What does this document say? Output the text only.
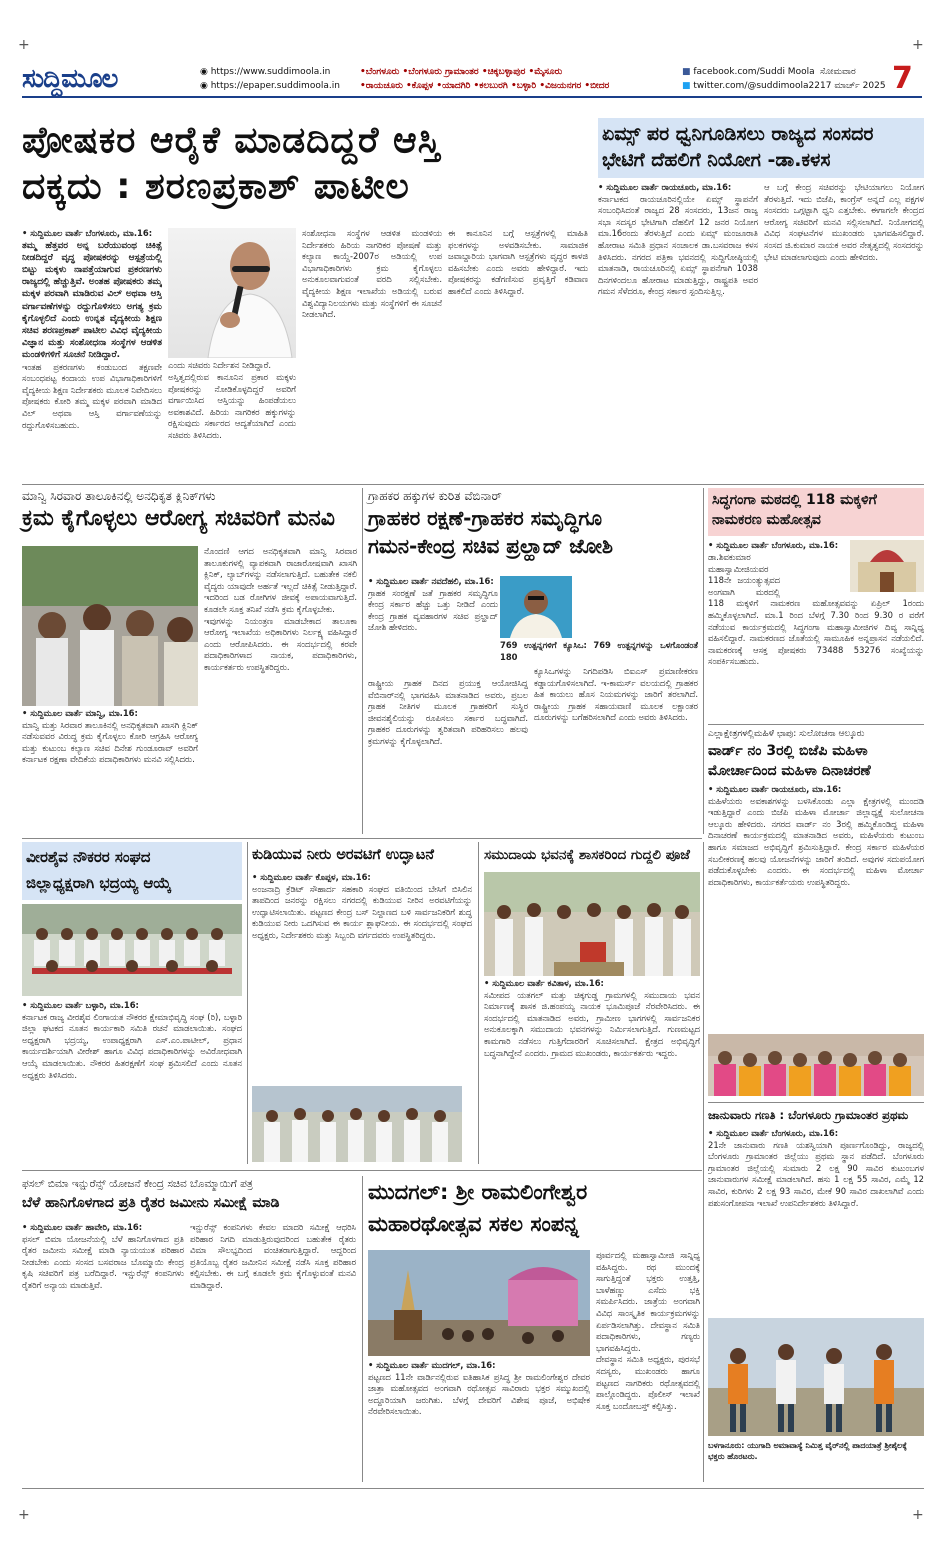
+	+
ಸುದ್ದಿಮೂಲ	◉ https://www.suddimoola.in
◉ https://epaper.suddimoola.in
•ಬೆಂಗಳೂರು •ಬೆಂಗಳೂರು ಗ್ರಾಮಾಂತರ •ಚಿಕ್ಕಬಳ್ಳಾಪುರ •ಮೈಸೂರು
•ರಾಯಚೂರು •ಕೊಪ್ಪಳ •ಯಾದಗಿರಿ •ಕಲಬುರಗಿ •ಬಳ್ಳಾರಿ •ವಿಜಯನಗರ •ಬೀದರ
■ facebook.com/Suddi Moola
■ twitter.com/@suddimoola22
ಸೋಮವಾರ
17 ಮಾರ್ಚ್ 2025 7
ಪೋಷಕರ ಆರೈಕೆ ಮಾಡದಿದ್ದರೆ ಆಸ್ತಿ
ದಕ್ಕದು : ಶರಣಪ್ರಕಾಶ್ ಪಾಟೀಲ
• ಸುದ್ದಿಮೂಲ ವಾರ್ತೆ ಬೆಂಗಳೂರು, ಮಾ.16:
ತಮ್ಮ ಹೆತ್ತವರ ಅನ್ನ ಬರೆಯುವಂಥ ಚಿಕಿತ್ಸೆ ನೀಡದಿದ್ದರೆ ವೃದ್ಧ ಪೋಷಕರನ್ನು ಆಸ್ಪತ್ರೆಯಲ್ಲಿ ಬಿಟ್ಟು ಮಕ್ಕಳು ನಾಪತ್ತೆಯಾಗುವ ಪ್ರಕರಣಗಳು ರಾಜ್ಯದಲ್ಲಿ ಹೆಚ್ಚುತ್ತಿವೆ. ಅಂತಹ ಪೋಷಕರು ತಮ್ಮ ಮಕ್ಕಳ ಪರವಾಗಿ ಮಾಡಿರುವ ವಿಲ್ ಅಥವಾ ಆಸ್ತಿ ವರ್ಗಾವಣೆಗಳನ್ನು ರದ್ದುಗೊಳಿಸಲು ಅಗತ್ಯ ಕ್ರಮ ಕೈಗೊಳ್ಳಲಿದೆ ಎಂದು ಉನ್ನತ ವೈದ್ಯಕೀಯ ಶಿಕ್ಷಣ ಸಚಿವ ಶರಣಪ್ರಕಾಶ್ ಪಾಟೀಲ ವಿವಿಧ ವೈದ್ಯಕೀಯ ವಿಜ್ಞಾನ ಮತ್ತು ಸಂಶೋಧನಾ ಸಂಸ್ಥೆಗಳ ಆಡಳಿತ ಮಂಡಳಿಗಳಿಗೆ ಸೂಚನೆ ನೀಡಿದ್ದಾರೆ.
ಇಂತಹ ಪ್ರಕರಣಗಳು ಕಂಡುಬಂದ ತಕ್ಷಣವೇ ಸಂಬಂಧಪಟ್ಟ ಕಂದಾಯ ಉಪ ವಿಭಾಗಾಧಿಕಾರಿಗಳಿಗೆ ವೈದ್ಯಕೀಯ ಶಿಕ್ಷಣ ನಿರ್ದೇಶಕರು ಮೂಲಕ ನಿವೇದಿಸಲು ಪೋಷಕರು ಕೋರಿ ತಮ್ಮ ಮಕ್ಕಳ ಪರವಾಗಿ ಮಾಡಿದ ವಿಲ್ ಅಥವಾ ಆಸ್ತಿ ವರ್ಗಾವಣೆಯನ್ನು ರದ್ದುಗೊಳಿಸಬಹುದು.
ಎಂದು ಸಚಿವರು ನಿರ್ದೇಶನ ನೀಡಿದ್ದಾರೆ.
ಅಸ್ತಿತ್ವದಲ್ಲಿರುವ ಕಾನೂನಿನ ಪ್ರಕಾರ ಮಕ್ಕಳು ಪೋಷಕರನ್ನು ನೋಡಿಕೊಳ್ಳದಿದ್ದರೆ ಅವರಿಗೆ ವರ್ಗಾಯಿಸಿದ ಆಸ್ತಿಯನ್ನು ಹಿಂಪಡೆಯಲು ಅವಕಾಶವಿದೆ. ಹಿರಿಯ ನಾಗರಿಕರ ಹಕ್ಕುಗಳನ್ನು ರಕ್ಷಿಸುವುದು ಸರ್ಕಾರದ ಆದ್ಯತೆಯಾಗಿದೆ ಎಂದು ಸಚಿವರು ತಿಳಿಸಿದರು.
ಸಂಶೋಧನಾ ಸಂಸ್ಥೆಗಳ ಆಡಳಿತ ಮಂಡಳಿಯ ನಿರ್ದೇಶಕರು ಹಿರಿಯ ನಾಗರಿಕರ ಪೋಷಣೆ ಮತ್ತು ಕಲ್ಯಾಣ ಕಾಯ್ದೆ-2007ರ ಅಡಿಯಲ್ಲಿ ಉಪ ವಿಭಾಗಾಧಿಕಾರಿಗಳು ಕ್ರಮ ಕೈಗೊಳ್ಳಲು ಅನುಕೂಲವಾಗುವಂತೆ ವರದಿ ಸಲ್ಲಿಸಬೇಕು. ವೈದ್ಯಕೀಯ ಶಿಕ್ಷಣ ಇಲಾಖೆಯ ಅಡಿಯಲ್ಲಿ ಬರುವ ವಿಶ್ವವಿದ್ಯಾನಿಲಯಗಳು ಮತ್ತು ಸಂಸ್ಥೆಗಳಿಗೆ ಈ ಸೂಚನೆ ನೀಡಲಾಗಿದೆ.
ಈ ಕಾನೂನಿನ ಬಗ್ಗೆ ಆಸ್ಪತ್ರೆಗಳಲ್ಲಿ ಮಾಹಿತಿ ಫಲಕಗಳನ್ನು ಅಳವಡಿಸಬೇಕು. ಸಾಮಾಜಿಕ ಜವಾಬ್ದಾರಿಯ ಭಾಗವಾಗಿ ಆಸ್ಪತ್ರೆಗಳು ವೃದ್ಧರ ಕಾಳಜಿ ವಹಿಸಬೇಕು ಎಂದು ಅವರು ಹೇಳಿದ್ದಾರೆ. ಇದು ಪೋಷಕರನ್ನು ಕಡೆಗಣಿಸುವ ಪ್ರವೃತ್ತಿಗೆ ಕಡಿವಾಣ ಹಾಕಲಿದೆ ಎಂದು ತಿಳಿಸಿದ್ದಾರೆ.
ಏಮ್ಸ್ ಪರ ಧ್ವನಿಗೂಡಿಸಲು ರಾಜ್ಯದ ಸಂಸದರ
ಭೇಟಿಗೆ ದೆಹಲಿಗೆ ನಿಯೋಗ -ಡಾ.ಕಳಸ
• ಸುದ್ದಿಮೂಲ ವಾರ್ತೆ ರಾಯಚೂರು, ಮಾ.16:
ಕರ್ನಾಟಕದ ರಾಯಚೂರಿನಲ್ಲಿಯೇ ಏಮ್ಸ್ ಸ್ಥಾಪನೆಗೆ ಸಂಬಂಧಿಸಿದಂತೆ ರಾಜ್ಯದ 28 ಸಂಸದರು, 13ಜನ ರಾಜ್ಯ ಸಭಾ ಸದಸ್ಯರ ಭೇಟಿಗಾಗಿ ದೆಹಲಿಗೆ 12 ಜನರ ನಿಯೋಗ ಮಾ.16ರಂದು ತೆರಳುತ್ತಿದೆ ಎಂದು ಏಮ್ಸ್ ಮಂಜೂರಾತಿ ಹೋರಾಟ ಸಮಿತಿ ಪ್ರಧಾನ ಸಂಚಾಲಕ ಡಾ.ಬಸವರಾಜ ಕಳಸ ತಿಳಿಸಿದರು. ನಗರದ ಪತ್ರಿಕಾ ಭವನದಲ್ಲಿ ಸುದ್ದಿಗೋಷ್ಠಿಯಲ್ಲಿ ಮಾತನಾಡಿ, ರಾಯಚೂರಿನಲ್ಲಿ ಏಮ್ಸ್ ಸ್ಥಾಪನೆಗಾಗಿ 1038 ದಿನಗಳಿಂದಲೂ ಹೋರಾಟ ಮಾಡುತ್ತಿದ್ದು, ರಾಷ್ಟ್ರಪತಿ ಅವರ ಗಮನ ಸೆಳೆದರೂ, ಕೇಂದ್ರ ಸರ್ಕಾರ ಸ್ಪಂದಿಸುತ್ತಿಲ್ಲ.
ಆ ಬಗ್ಗೆ ಕೇಂದ್ರ ಸಚಿವರನ್ನು ಭೇಟಿಯಾಗಲು ನಿಯೋಗ ತೆರಳುತ್ತಿದೆ. ಇದು ಬಿಜೆಪಿ, ಕಾಂಗ್ರೆಸ್ ಅನ್ನದೆ ಎಲ್ಲ ಪಕ್ಷಗಳ ಸಂಸದರು ಒಗ್ಗಟ್ಟಾಗಿ ಧ್ವನಿ ಎತ್ತಬೇಕು. ಈಗಾಗಲೇ ಕೇಂದ್ರದ ಆರೋಗ್ಯ ಸಚಿವರಿಗೆ ಮನವಿ ಸಲ್ಲಿಸಲಾಗಿದೆ. ನಿಯೋಗದಲ್ಲಿ ವಿವಿಧ ಸಂಘಟನೆಗಳ ಮುಖಂಡರು ಭಾಗವಹಿಸಲಿದ್ದಾರೆ. ಸಂಸದ ಜಿ.ಕುಮಾರ ನಾಯಕ ಅವರ ನೇತೃತ್ವದಲ್ಲಿ ಸಂಸದರನ್ನು ಭೇಟಿ ಮಾಡಲಾಗುವುದು ಎಂದು ಹೇಳಿದರು.
ಮಾನ್ವಿ ಸಿರವಾರ ತಾಲೂಕಿನಲ್ಲಿ ಅನಧಿಕೃತ ಕ್ಲಿನಿಕ್‌ಗಳು
ಕ್ರಮ ಕೈಗೊಳ್ಳಲು ಆರೋಗ್ಯ ಸಚಿವರಿಗೆ ಮನವಿ
• ಸುದ್ದಿಮೂಲ ವಾರ್ತೆ ಮಾನ್ವಿ, ಮಾ.16:
ಮಾನ್ವಿ ಮತ್ತು ಸಿರವಾರ ತಾಲೂಕಿನಲ್ಲಿ ಅನಧಿಕೃತವಾಗಿ ಖಾಸಗಿ ಕ್ಲಿನಿಕ್ ನಡೆಸುವವರ ವಿರುದ್ಧ ಕ್ರಮ ಕೈಗೊಳ್ಳಲು ಕೋರಿ ಆಗ್ರಹಿಸಿ ಆರೋಗ್ಯ ಮತ್ತು ಕುಟುಂಬ ಕಲ್ಯಾಣ ಸಚಿವ ದಿನೇಶ ಗುಂಡೂರಾವ್ ಅವರಿಗೆ ಕರ್ನಾಟಕ ರಕ್ಷಣಾ ವೇದಿಕೆಯ ಪದಾಧಿಕಾರಿಗಳು ಮನವಿ ಸಲ್ಲಿಸಿದರು.
ನೊಂದಣಿ ಆಗದ ಅನಧಿಕೃತವಾಗಿ ಮಾನ್ವಿ ಸಿರವಾರ ತಾಲೂಕುಗಳಲ್ಲಿ ವ್ಯಾಪಕವಾಗಿ ರಾಜಾರೋಷವಾಗಿ ಖಾಸಗಿ ಕ್ಲಿನಿಕ್, ಲ್ಯಾಬ್‌ಗಳನ್ನು ನಡೆಸಲಾಗುತ್ತಿದೆ. ಬಹುತೇಕ ನಕಲಿ ವೈದ್ಯರು ಯಾವುದೇ ಅರ್ಹತೆ ಇಲ್ಲದೆ ಚಿಕಿತ್ಸೆ ನೀಡುತ್ತಿದ್ದಾರೆ. ಇದರಿಂದ ಬಡ ರೋಗಿಗಳ ಜೀವಕ್ಕೆ ಅಪಾಯವಾಗುತ್ತಿದೆ. ಕೂಡಲೇ ಸೂಕ್ತ ತನಿಖೆ ನಡೆಸಿ ಕ್ರಮ ಕೈಗೊಳ್ಳಬೇಕು.
ಇವುಗಳನ್ನು ನಿಯಂತ್ರಣ ಮಾಡಬೇಕಾದ ತಾಲೂಕಾ ಆರೋಗ್ಯ ಇಲಾಖೆಯ ಅಧಿಕಾರಿಗಳು ನಿರ್ಲಕ್ಷ್ಯ ವಹಿಸಿದ್ದಾರೆ ಎಂದು ಆರೋಪಿಸಿದರು. ಈ ಸಂದರ್ಭದಲ್ಲಿ ಕರವೇ ಪದಾಧಿಕಾರಿಗಳಾದ ನಾಯಕ, ಪದಾಧಿಕಾರಿಗಳು, ಕಾರ್ಯಕರ್ತರು ಉಪಸ್ಥಿತರಿದ್ದರು.
ಗ್ರಾಹಕರ ಹಕ್ಕುಗಳ ಕುರಿತ ವೆಬಿನಾರ್
ಗ್ರಾಹಕರ ರಕ್ಷಣೆ-ಗ್ರಾಹಕರ ಸಮೃದ್ಧಿಗೂ
ಗಮನ-ಕೇಂದ್ರ ಸಚಿವ ಪ್ರಲ್ಹಾದ್ ಜೋಶಿ
• ಸುದ್ದಿಮೂಲ ವಾರ್ತೆ ನವದೆಹಲಿ, ಮಾ.16:
ಗ್ರಾಹಕ ಸಂರಕ್ಷಣೆ ಜತೆ ಗ್ರಾಹಕರ ಸಮೃದ್ಧಿಗೂ ಕೇಂದ್ರ ಸರ್ಕಾರ ಹೆಚ್ಚು ಒತ್ತು ನೀಡಿದೆ ಎಂದು ಕೇಂದ್ರ ಗ್ರಾಹಕ ವ್ಯವಹಾರಗಳ ಸಚಿವ ಪ್ರಲ್ಹಾದ್ ಜೋಶಿ ಹೇಳಿದರು.
769 ಉತ್ಪನ್ನಗಳಿಗೆ ಕ್ಯೂಸಿಒ: 769 ಉತ್ಪನ್ನಗಳನ್ನು ಒಳಗೊಂಡಂತೆ 180
ರಾಷ್ಟ್ರೀಯ ಗ್ರಾಹಕ ದಿನದ ಪ್ರಯುಕ್ತ ಆಯೋಜಿಸಿದ್ದ ವೆಬಿನಾರ್‌ನಲ್ಲಿ ಭಾಗವಹಿಸಿ ಮಾತನಾಡಿದ ಅವರು, ಪ್ರಬಲ ಗ್ರಾಹಕ ನೀತಿಗಳ ಮೂಲಕ ಗ್ರಾಹಕರಿಗೆ ಸುಸ್ಥಿರ ಜೀವನಶೈಲಿಯನ್ನು ರೂಪಿಸಲು ಸರ್ಕಾರ ಬದ್ಧವಾಗಿದೆ. ಗ್ರಾಹಕರ ದೂರುಗಳನ್ನು ತ್ವರಿತವಾಗಿ ಪರಿಹರಿಸಲು ಹಲವು ಕ್ರಮಗಳನ್ನು ಕೈಗೊಳ್ಳಲಾಗಿದೆ.
ಕ್ಯೂಸಿಒಗಳನ್ನು ನಿಗದಿಪಡಿಸಿ ಬಿಐಎಸ್ ಪ್ರಮಾಣೀಕರಣ ಕಡ್ಡಾಯಗೊಳಿಸಲಾಗಿದೆ. ಇ-ಕಾಮರ್ಸ್ ವಲಯದಲ್ಲಿ ಗ್ರಾಹಕರ ಹಿತ ಕಾಯಲು ಹೊಸ ನಿಯಮಗಳನ್ನು ಜಾರಿಗೆ ತರಲಾಗಿದೆ. ರಾಷ್ಟ್ರೀಯ ಗ್ರಾಹಕ ಸಹಾಯವಾಣಿ ಮೂಲಕ ಲಕ್ಷಾಂತರ ದೂರುಗಳನ್ನು ಬಗೆಹರಿಸಲಾಗಿದೆ ಎಂದು ಅವರು ತಿಳಿಸಿದರು.
ಸಿದ್ಧಗಂಗಾ ಮಠದಲ್ಲಿ 118 ಮಕ್ಕಳಿಗೆ
ನಾಮಕರಣ ಮಹೋತ್ಸವ
• ಸುದ್ದಿಮೂಲ ವಾರ್ತೆ ಬೆಂಗಳೂರು, ಮಾ.16:
ಡಾ.ಶಿವಕುಮಾರ ಮಹಾಸ್ವಾಮೀಜಿಯವರ 118ನೇ ಜಯಂತ್ಯುತ್ಸವದ ಅಂಗವಾಗಿ ಮಠದಲ್ಲಿ 118 ಮಕ್ಕಳಿಗೆ ನಾಮಕರಣ ಮಹೋತ್ಸವವನ್ನು ಏಪ್ರಿಲ್ 1ರಂದು ಹಮ್ಮಿಕೊಳ್ಳಲಾಗಿದೆ. ಮಾ.1 ರಿಂದ ಬೆಳಗ್ಗೆ 7.30 ರಿಂದ 9.30 ರ ವರೆಗೆ ನಡೆಯುವ ಕಾರ್ಯಕ್ರಮದಲ್ಲಿ ಸಿದ್ಧಗಂಗಾ ಮಹಾಸ್ವಾಮೀಜಿಗಳ ದಿವ್ಯ ಸಾನ್ನಿಧ್ಯ ವಹಿಸಲಿದ್ದಾರೆ. ನಾಮಕರಣದ ಜೊತೆಯಲ್ಲಿ ಸಾಮೂಹಿಕ ಅನ್ನಪ್ರಾಸನ ನಡೆಯಲಿದೆ. ನಾಮಕರಣಕ್ಕೆ ಆಸಕ್ತ ಪೋಷಕರು 73488 53276 ಸಂಖ್ಯೆಯನ್ನು ಸಂಪರ್ಕಿಸಬಹುದು.
ಎಲ್ಲಾಕ್ಷೇತ್ರಗಳಲ್ಲಿಮಹಿಳೆ ಛಾಪು: ಸುಲೋಚನಾ ಆಲ್ಕೂರು
ವಾರ್ಡ್ ನಂ 3ರಲ್ಲಿ ಬಿಜೆಪಿ ಮಹಿಳಾ
ಮೋರ್ಚಾದಿಂದ ಮಹಿಳಾ ದಿನಾಚರಣೆ
• ಸುದ್ದಿಮೂಲ ವಾರ್ತೆ ರಾಯಚೂರು, ಮಾ.16:
ಮಹಿಳೆಯರು ಅವಕಾಶಗಳನ್ನು ಬಳಸಿಕೊಂಡು ಎಲ್ಲಾ ಕ್ಷೇತ್ರಗಳಲ್ಲಿ ಮುಂದಡಿ ಇಡುತ್ತಿದ್ದಾರೆ ಎಂದು ಬಿಜೆಪಿ ಮಹಿಳಾ ಮೋರ್ಚಾ ಜಿಲ್ಲಾಧ್ಯಕ್ಷೆ ಸುಲೋಚನಾ ಆಲ್ಕೂರು ಹೇಳಿದರು. ನಗರದ ವಾರ್ಡ್ ನಂ 3ರಲ್ಲಿ ಹಮ್ಮಿಕೊಂಡಿದ್ದ ಮಹಿಳಾ ದಿನಾಚರಣೆ ಕಾರ್ಯಕ್ರಮದಲ್ಲಿ ಮಾತನಾಡಿದ ಅವರು, ಮಹಿಳೆಯರು ಕುಟುಂಬ ಹಾಗೂ ಸಮಾಜದ ಅಭಿವೃದ್ಧಿಗೆ ಶ್ರಮಿಸುತ್ತಿದ್ದಾರೆ. ಕೇಂದ್ರ ಸರ್ಕಾರ ಮಹಿಳೆಯರ ಸಬಲೀಕರಣಕ್ಕೆ ಹಲವು ಯೋಜನೆಗಳನ್ನು ಜಾರಿಗೆ ತಂದಿದೆ. ಅವುಗಳ ಸದುಪಯೋಗ ಪಡೆದುಕೊಳ್ಳಬೇಕು ಎಂದರು. ಈ ಸಂದರ್ಭದಲ್ಲಿ ಮಹಿಳಾ ಮೋರ್ಚಾ ಪದಾಧಿಕಾರಿಗಳು, ಕಾರ್ಯಕರ್ತೆಯರು ಉಪಸ್ಥಿತರಿದ್ದರು.
ವೀರಶೈವ ನೌಕರರ ಸಂಘದ
ಜಿಲ್ಲಾಧ್ಯಕ್ಷರಾಗಿ ಭದ್ರಯ್ಯ ಆಯ್ಕೆ
• ಸುದ್ದಿಮೂಲ ವಾರ್ತೆ ಬಳ್ಳಾರಿ, ಮಾ.16:
ಕರ್ನಾಟಕ ರಾಜ್ಯ ವೀರಶೈವ ಲಿಂಗಾಯತ ನೌಕರರ ಕ್ಷೇಮಾಭಿವೃದ್ಧಿ ಸಂಘ (ರಿ), ಬಳ್ಳಾರಿ ಜಿಲ್ಲಾ ಘಟಕದ ನೂತನ ಕಾರ್ಯಕಾರಿ ಸಮಿತಿ ರಚನೆ ಮಾಡಲಾಯಿತು. ಸಂಘದ ಅಧ್ಯಕ್ಷರಾಗಿ ಭದ್ರಯ್ಯ, ಉಪಾಧ್ಯಕ್ಷರಾಗಿ ಎಸ್.ಎಂ.ಪಾಟೀಲ್, ಪ್ರಧಾನ ಕಾರ್ಯದರ್ಶಿಯಾಗಿ ವೀರೇಶ್ ಹಾಗೂ ವಿವಿಧ ಪದಾಧಿಕಾರಿಗಳನ್ನು ಅವಿರೋಧವಾಗಿ ಆಯ್ಕೆ ಮಾಡಲಾಯಿತು. ನೌಕರರ ಹಿತರಕ್ಷಣೆಗೆ ಸಂಘ ಶ್ರಮಿಸಲಿದೆ ಎಂದು ನೂತನ ಅಧ್ಯಕ್ಷರು ತಿಳಿಸಿದರು.
ಕುಡಿಯುವ ನೀರು ಅರವಟಿಗೆ ಉದ್ಘಾಟನೆ
• ಸುದ್ದಿಮೂಲ ವಾರ್ತೆ ಕೊಪ್ಪಳ, ಮಾ.16:
ಅಂಜನಾದ್ರಿ ಕ್ರೆಡಿಟ್ ಸೌಹಾರ್ದ ಸಹಕಾರಿ ಸಂಘದ ವತಿಯಿಂದ ಬೇಸಿಗೆ ಬಿಸಿಲಿನ ತಾಪದಿಂದ ಜನರನ್ನು ರಕ್ಷಿಸಲು ನಗರದಲ್ಲಿ ಕುಡಿಯುವ ನೀರಿನ ಅರವಟಿಗೆಯನ್ನು ಉದ್ಘಾಟಿಸಲಾಯಿತು. ಪಟ್ಟಣದ ಕೇಂದ್ರ ಬಸ್ ನಿಲ್ದಾಣದ ಬಳಿ ಸಾರ್ವಜನಿಕರಿಗೆ ಶುದ್ಧ ಕುಡಿಯುವ ನೀರು ಒದಗಿಸುವ ಈ ಕಾರ್ಯ ಶ್ಲಾಘನೀಯ. ಈ ಸಂದರ್ಭದಲ್ಲಿ ಸಂಘದ ಅಧ್ಯಕ್ಷರು, ನಿರ್ದೇಶಕರು ಮತ್ತು ಸಿಬ್ಬಂದಿ ವರ್ಗದವರು ಉಪಸ್ಥಿತರಿದ್ದರು.
ಸಮುದಾಯ ಭವನಕ್ಕೆ ಶಾಸಕರಿಂದ ಗುದ್ದಲಿ ಪೂಜೆ
• ಸುದ್ದಿಮೂಲ ವಾರ್ತೆ ಕವಿತಾಳ, ಮಾ.16:
ಸಮೀಪದ ಯತಗಲ್ ಮತ್ತು ಚಿಕ್ಕಗುಡ್ಡ ಗ್ರಾಮಗಳಲ್ಲಿ ಸಮುದಾಯ ಭವನ ನಿರ್ಮಾಣಕ್ಕೆ ಶಾಸಕ ಜಿ.ಹಂಪಯ್ಯ ನಾಯಕ ಭೂಮಿಪೂಜೆ ನೆರವೇರಿಸಿದರು. ಈ ಸಂದರ್ಭದಲ್ಲಿ ಮಾತನಾಡಿದ ಅವರು, ಗ್ರಾಮೀಣ ಭಾಗಗಳಲ್ಲಿ ಸಾರ್ವಜನಿಕರ ಅನುಕೂಲಕ್ಕಾಗಿ ಸಮುದಾಯ ಭವನಗಳನ್ನು ನಿರ್ಮಿಸಲಾಗುತ್ತಿದೆ. ಗುಣಮಟ್ಟದ ಕಾಮಗಾರಿ ನಡೆಸಲು ಗುತ್ತಿಗೆದಾರರಿಗೆ ಸೂಚಿಸಲಾಗಿದೆ. ಕ್ಷೇತ್ರದ ಅಭಿವೃದ್ಧಿಗೆ ಬದ್ಧನಾಗಿದ್ದೇನೆ ಎಂದರು. ಗ್ರಾಮದ ಮುಖಂಡರು, ಕಾರ್ಯಕರ್ತರು ಇದ್ದರು.
ಜಾನುವಾರು ಗಣತಿ : ಬೆಂಗಳೂರು ಗ್ರಾಮಾಂತರ ಪ್ರಥಮ
• ಸುದ್ದಿಮೂಲ ವಾರ್ತೆ ಬೆಂಗಳೂರು, ಮಾ.16:
21ನೇ ಜಾನುವಾರು ಗಣತಿ ಯಶಸ್ವಿಯಾಗಿ ಪೂರ್ಣಗೊಂಡಿದ್ದು, ರಾಜ್ಯದಲ್ಲಿ ಬೆಂಗಳೂರು ಗ್ರಾಮಾಂತರ ಜಿಲ್ಲೆಯು ಪ್ರಥಮ ಸ್ಥಾನ ಪಡೆದಿದೆ. ಬೆಂಗಳೂರು ಗ್ರಾಮಾಂತರ ಜಿಲ್ಲೆಯಲ್ಲಿ ಸುಮಾರು 2 ಲಕ್ಷ 90 ಸಾವಿರ ಕುಟುಂಬಗಳ ಜಾನುವಾರುಗಳ ಸಮೀಕ್ಷೆ ಮಾಡಲಾಗಿದೆ. ಹಸು 1 ಲಕ್ಷ 55 ಸಾವಿರ, ಎಮ್ಮೆ 12 ಸಾವಿರ, ಕುರಿಗಳು 2 ಲಕ್ಷ 93 ಸಾವಿರ, ಮೇಕೆ 90 ಸಾವಿರ ದಾಖಲಾಗಿವೆ ಎಂದು ಪಶುಸಂಗೋಪನಾ ಇಲಾಖೆ ಉಪನಿರ್ದೇಶಕರು ತಿಳಿಸಿದ್ದಾರೆ.
ಬಳಗಾನೂರು: ಯುಗಾದಿ ಅಮಾವಾಸ್ಯೆ ನಿಮಿತ್ತ ವೈರ್‌ನಲ್ಲಿ ಪಾದಯಾತ್ರೆ ಶ್ರೀಶೈಲಕ್ಕೆ ಭಕ್ತರು ಹೊರಟರು.
ಫಸಲ್ ಬಿಮಾ ಇನ್ಷುರೆನ್ಸ್ ಯೋಜನೆ ಕೇಂದ್ರ ಸಚಿವ ಬೊಮ್ಮಾಯಿಗೆ ಪತ್ರ
ಬೆಳೆ ಹಾನಿಗೊಳಗಾದ ಪ್ರತಿ ರೈತರ ಜಮೀನು ಸಮೀಕ್ಷೆ ಮಾಡಿ
• ಸುದ್ದಿಮೂಲ ವಾರ್ತೆ ಹಾವೇರಿ, ಮಾ.16:
ಫಸಲ್ ಬಿಮಾ ಯೋಜನೆಯಲ್ಲಿ ಬೆಳೆ ಹಾನಿಗೊಳಗಾದ ಪ್ರತಿ ರೈತರ ಜಮೀನು ಸಮೀಕ್ಷೆ ಮಾಡಿ ನ್ಯಾಯಯುತ ಪರಿಹಾರ ನೀಡಬೇಕು ಎಂದು ಸಂಸದ ಬಸವರಾಜ ಬೊಮ್ಮಾಯಿ ಕೇಂದ್ರ ಕೃಷಿ ಸಚಿವರಿಗೆ ಪತ್ರ ಬರೆದಿದ್ದಾರೆ. ಇನ್ಷುರೆನ್ಸ್ ಕಂಪನಿಗಳು ರೈತರಿಗೆ ಅನ್ಯಾಯ ಮಾಡುತ್ತಿವೆ.
ಇನ್ಷುರೆನ್ಸ್ ಕಂಪನಿಗಳು ಕೇವಲ ಮಾದರಿ ಸಮೀಕ್ಷೆ ಆಧರಿಸಿ ಪರಿಹಾರ ನಿಗದಿ ಮಾಡುತ್ತಿರುವುದರಿಂದ ಬಹುತೇಕ ರೈತರು ವಿಮಾ ಸೌಲಭ್ಯದಿಂದ ವಂಚಿತರಾಗುತ್ತಿದ್ದಾರೆ. ಆದ್ದರಿಂದ ಪ್ರತಿಯೊಬ್ಬ ರೈತರ ಜಮೀನಿನ ಸಮೀಕ್ಷೆ ನಡೆಸಿ ಸೂಕ್ತ ಪರಿಹಾರ ಕಲ್ಪಿಸಬೇಕು. ಈ ಬಗ್ಗೆ ಕೂಡಲೇ ಕ್ರಮ ಕೈಗೊಳ್ಳುವಂತೆ ಮನವಿ ಮಾಡಿದ್ದಾರೆ.
ಮುದಗಲ್: ಶ್ರೀ ರಾಮಲಿಂಗೇಶ್ವರ
ಮಹಾರಥೋತ್ಸವ ಸಕಲ ಸಂಪನ್ನ
• ಸುದ್ದಿಮೂಲ ವಾರ್ತೆ ಮುದಗಲ್, ಮಾ.16:
ಪಟ್ಟಣದ 11ನೇ ವಾರ್ಡಿನಲ್ಲಿರುವ ಐತಿಹಾಸಿಕ ಪ್ರಸಿದ್ಧ ಶ್ರೀ ರಾಮಲಿಂಗೇಶ್ವರ ದೇವರ ಜಾತ್ರಾ ಮಹೋತ್ಸವದ ಅಂಗವಾಗಿ ರಥೋತ್ಸವ ಸಾವಿರಾರು ಭಕ್ತರ ಸಮ್ಮುಖದಲ್ಲಿ ಅದ್ದೂರಿಯಾಗಿ ಜರುಗಿತು. ಬೆಳಗ್ಗೆ ದೇವರಿಗೆ ವಿಶೇಷ ಪೂಜೆ, ಅಭಿಷೇಕ ನೆರವೇರಿಸಲಾಯಿತು.
ಪೂರ್ವದಲ್ಲಿ ಮಹಾಸ್ವಾಮೀಜಿ ಸಾನ್ನಿಧ್ಯ ವಹಿಸಿದ್ದರು. ರಥ ಮುಂದಕ್ಕೆ ಸಾಗುತ್ತಿದ್ದಂತೆ ಭಕ್ತರು ಉತ್ತತ್ತಿ, ಬಾಳೆಹಣ್ಣು ಎಸೆದು ಭಕ್ತಿ ಸಮರ್ಪಿಸಿದರು. ಜಾತ್ರೆಯ ಅಂಗವಾಗಿ ವಿವಿಧ ಸಾಂಸ್ಕೃತಿಕ ಕಾರ್ಯಕ್ರಮಗಳನ್ನು ಏರ್ಪಡಿಸಲಾಗಿತ್ತು. ದೇವಸ್ಥಾನ ಸಮಿತಿ ಪದಾಧಿಕಾರಿಗಳು, ಗಣ್ಯರು ಭಾಗವಹಿಸಿದ್ದರು.
ದೇವಸ್ಥಾನ ಸಮಿತಿ ಅಧ್ಯಕ್ಷರು, ಪುರಸಭೆ ಸದಸ್ಯರು, ಮುಖಂಡರು ಹಾಗೂ ಪಟ್ಟಣದ ನಾಗರಿಕರು ರಥೋತ್ಸವದಲ್ಲಿ ಪಾಲ್ಗೊಂಡಿದ್ದರು. ಪೊಲೀಸ್ ಇಲಾಖೆ ಸೂಕ್ತ ಬಂದೋಬಸ್ತ್ ಕಲ್ಪಿಸಿತ್ತು.
+	+
